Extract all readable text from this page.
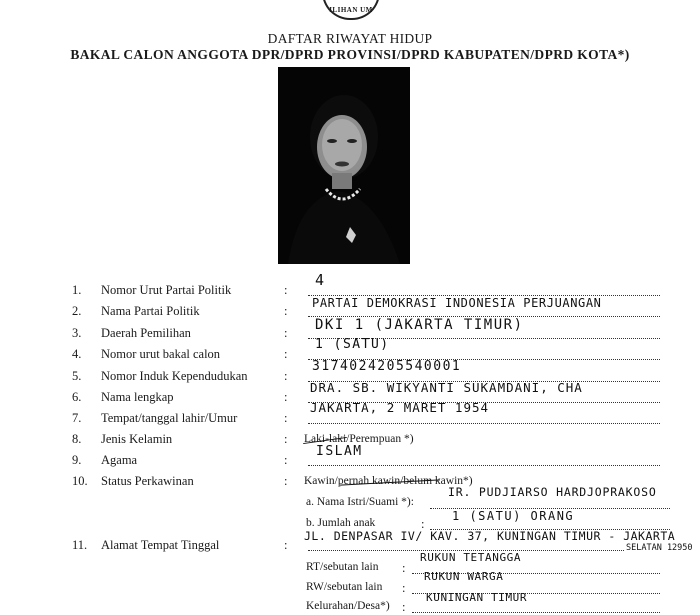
ILIHAN UM
DAFTAR RIWAYAT HIDUP
BAKAL CALON ANGGOTA DPR/DPRD PROVINSI/DPRD KABUPATEN/DPRD KOTA*)
1. Nomor Urut Partai Politik	:
4
2. Nama Partai Politik	:
PARTAI DEMOKRASI INDONESIA PERJUANGAN
3. Daerah Pemilihan	: DKI 1 (JAKARTA TIMUR)
4. Nomor urut bakal calon	:
1 (SATU)
5. Nomor Induk Kependudukan	:
3174024205540001
6. Nama lengkap	:
DRA. SB. WIKYANTI SUKAMDANI, CHA
7. Tempat/tanggal lahir/Umur	:
JAKARTA, 2 MARET 1954
8. Jenis Kelamin	: Laki-laki/Perempuan *)
9. Agama	:
ISLAM
10. Status Perkawinan	: Kawin/pernah kawin/belum kawin*)
a. Nama Istri/Suami *):
IR. PUDJIARSO HARDJOPRAKOSO
b. Jumlah anak	:
1 (SATU) ORANG
11. Alamat Tempat Tinggal	:
JL. DENPASAR IV/ KAV. 37, KUNINGAN TIMUR - JAKARTA
SELATAN 12950
RT/sebutan lain :
RUKUN TETANGGA
RW/sebutan lain :
RUKUN WARGA
Kelurahan/Desa*) :
KUNINGAN TIMUR
